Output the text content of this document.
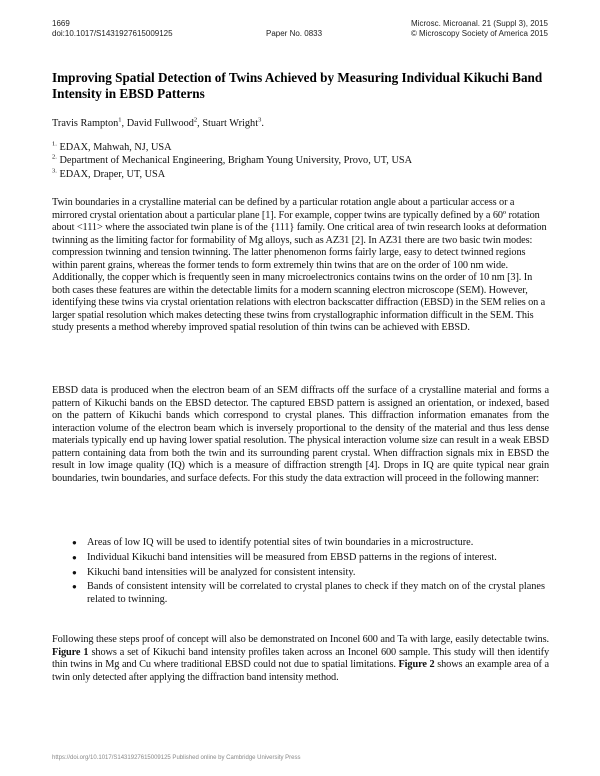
1669
doi:10.1017/S1431927615009125	Paper No. 0833
Microsc. Microanal. 21 (Suppl 3), 2015
© Microscopy Society of America 2015
Improving Spatial Detection of Twins Achieved by Measuring Individual Kikuchi Band Intensity in EBSD Patterns
Travis Rampton$^1$, David Fullwood$^2$, Stuart Wright$^3$.
$^{1.}$ EDAX, Mahwah, NJ, USA
$^{2.}$ Department of Mechanical Engineering, Brigham Young University, Provo, UT, USA
$^{3.}$ EDAX, Draper, UT, USA

Twin boundaries in a crystalline material can be defined by a particular rotation angle about a particular access or a mirrored crystal orientation about a particular plane [1]. For example, copper twins are typically defined by a 60º rotation about <111> where the associated twin plane is of the {111} family. One critical area of twin research looks at deformation twinning as the limiting factor for formability of Mg alloys, such as AZ31 [2]. In AZ31 there are two basic twin modes: compression twinning and tension twinning. The latter phenomenon forms fairly large, easy to detect twinned regions within parent grains, whereas the former tends to form extremely thin twins that are on the order of 100 nm wide. Additionally, the copper which is frequently seen in many microelectronics contains twins on the order of 10 nm [3]. In both cases these features are within the detectable limits for a modern scanning electron microscope (SEM). However, identifying these twins via crystal orientation relations with electron backscatter diffraction (EBSD) in the SEM relies on a larger spatial resolution which makes detecting these twins from crystallographic information difficult in the SEM. This study presents a method whereby improved spatial resolution of thin twins can be achieved with EBSD.

EBSD data is produced when the electron beam of an SEM diffracts off the surface of a crystalline material and forms a pattern of Kikuchi bands on the EBSD detector. The captured EBSD pattern is assigned an orientation, or indexed, based on the pattern of Kikuchi bands which correspond to crystal planes. This diffraction information emanates from the interaction volume of the electron beam which is inversely proportional to the density of the material and thus less dense materials typically end up having lower spatial resolution. The physical interaction volume size can result in a weak EBSD pattern containing data from both the twin and its surrounding parent crystal. When diffraction signals mix in EBSD the result in low image quality (IQ) which is a measure of diffraction strength [4]. Drops in IQ are quite typical near grain boundaries, twin boundaries, and surface defects. For this study the data extraction will proceed in the following manner:

● Areas of low IQ will be used to identify potential sites of twin boundaries in a microstructure.
● Individual Kikuchi band intensities will be measured from EBSD patterns in the regions of interest.
● Kikuchi band intensities will be analyzed for consistent intensity.
● Bands of consistent intensity will be correlated to crystal planes to check if they match on of the crystal planes related to twinning.

Following these steps proof of concept will also be demonstrated on Inconel 600 and Ta with large, easily detectable twins. Figure 1 shows a set of Kikuchi band intensity profiles taken across an Inconel 600 sample. This study will then identify thin twins in Mg and Cu where traditional EBSD could not due to spatial limitations. Figure 2 shows an example area of a twin only detected after applying the diffraction band intensity method.

https://doi.org/10.1017/S1431927615009125 Published online by Cambridge University Press
